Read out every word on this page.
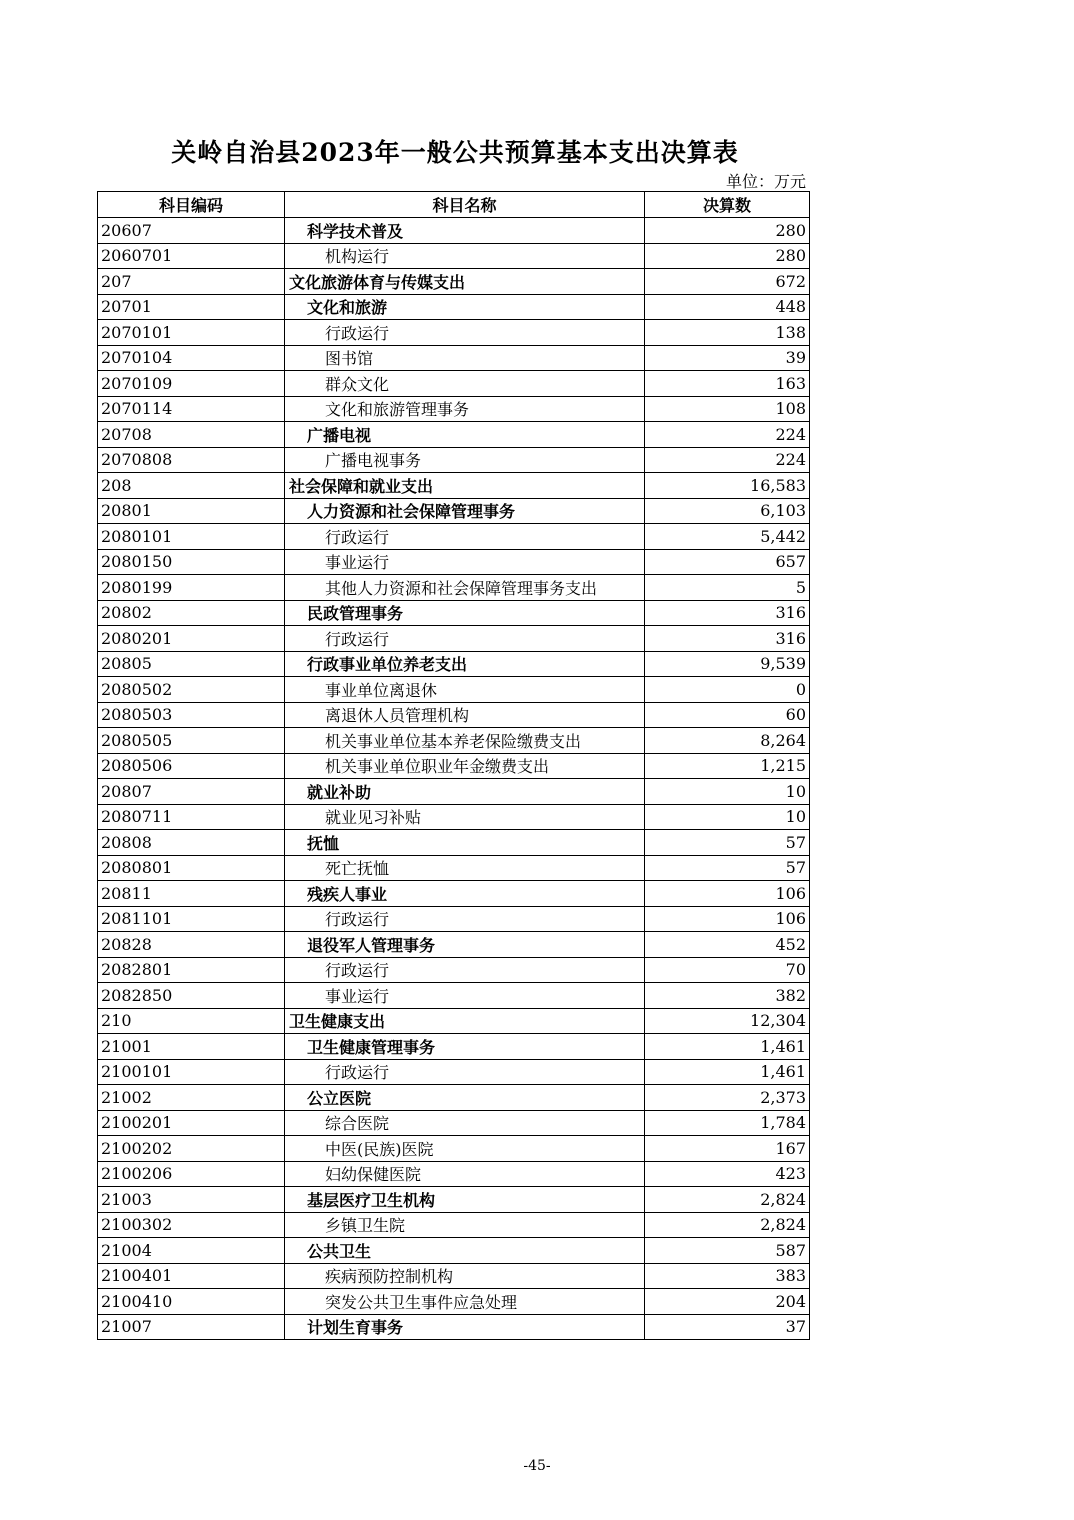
关岭自治县2023年一般公共预算基本支出决算表
单位：万元
科目编码	科目名称	决算数
20607	科学技术普及	280
2060701	机构运行	280
207	文化旅游体育与传媒支出	672
20701	文化和旅游	448
2070101	行政运行	138
2070104	图书馆	39
2070109	群众文化	163
2070114	文化和旅游管理事务	108
20708	广播电视	224
2070808	广播电视事务	224
208	社会保障和就业支出	16,583
20801	人力资源和社会保障管理事务	6,103
2080101	行政运行	5,442
2080150	事业运行	657
2080199	其他人力资源和社会保障管理事务支出	5
20802	民政管理事务	316
2080201	行政运行	316
20805	行政事业单位养老支出	9,539
2080502	事业单位离退休	0
2080503	离退休人员管理机构	60
2080505	机关事业单位基本养老保险缴费支出	8,264
2080506	机关事业单位职业年金缴费支出	1,215
20807	就业补助	10
2080711	就业见习补贴	10
20808	抚恤	57
2080801	死亡抚恤	57
20811	残疾人事业	106
2081101	行政运行	106
20828	退役军人管理事务	452
2082801	行政运行	70
2082850	事业运行	382
210	卫生健康支出	12,304
21001	卫生健康管理事务	1,461
2100101	行政运行	1,461
21002	公立医院	2,373
2100201	综合医院	1,784
2100202	中医(民族)医院	167
2100206	妇幼保健医院	423
21003	基层医疗卫生机构	2,824
2100302	乡镇卫生院	2,824
21004	公共卫生	587
2100401	疾病预防控制机构	383
2100410	突发公共卫生事件应急处理	204
21007	计划生育事务	37
-45-
